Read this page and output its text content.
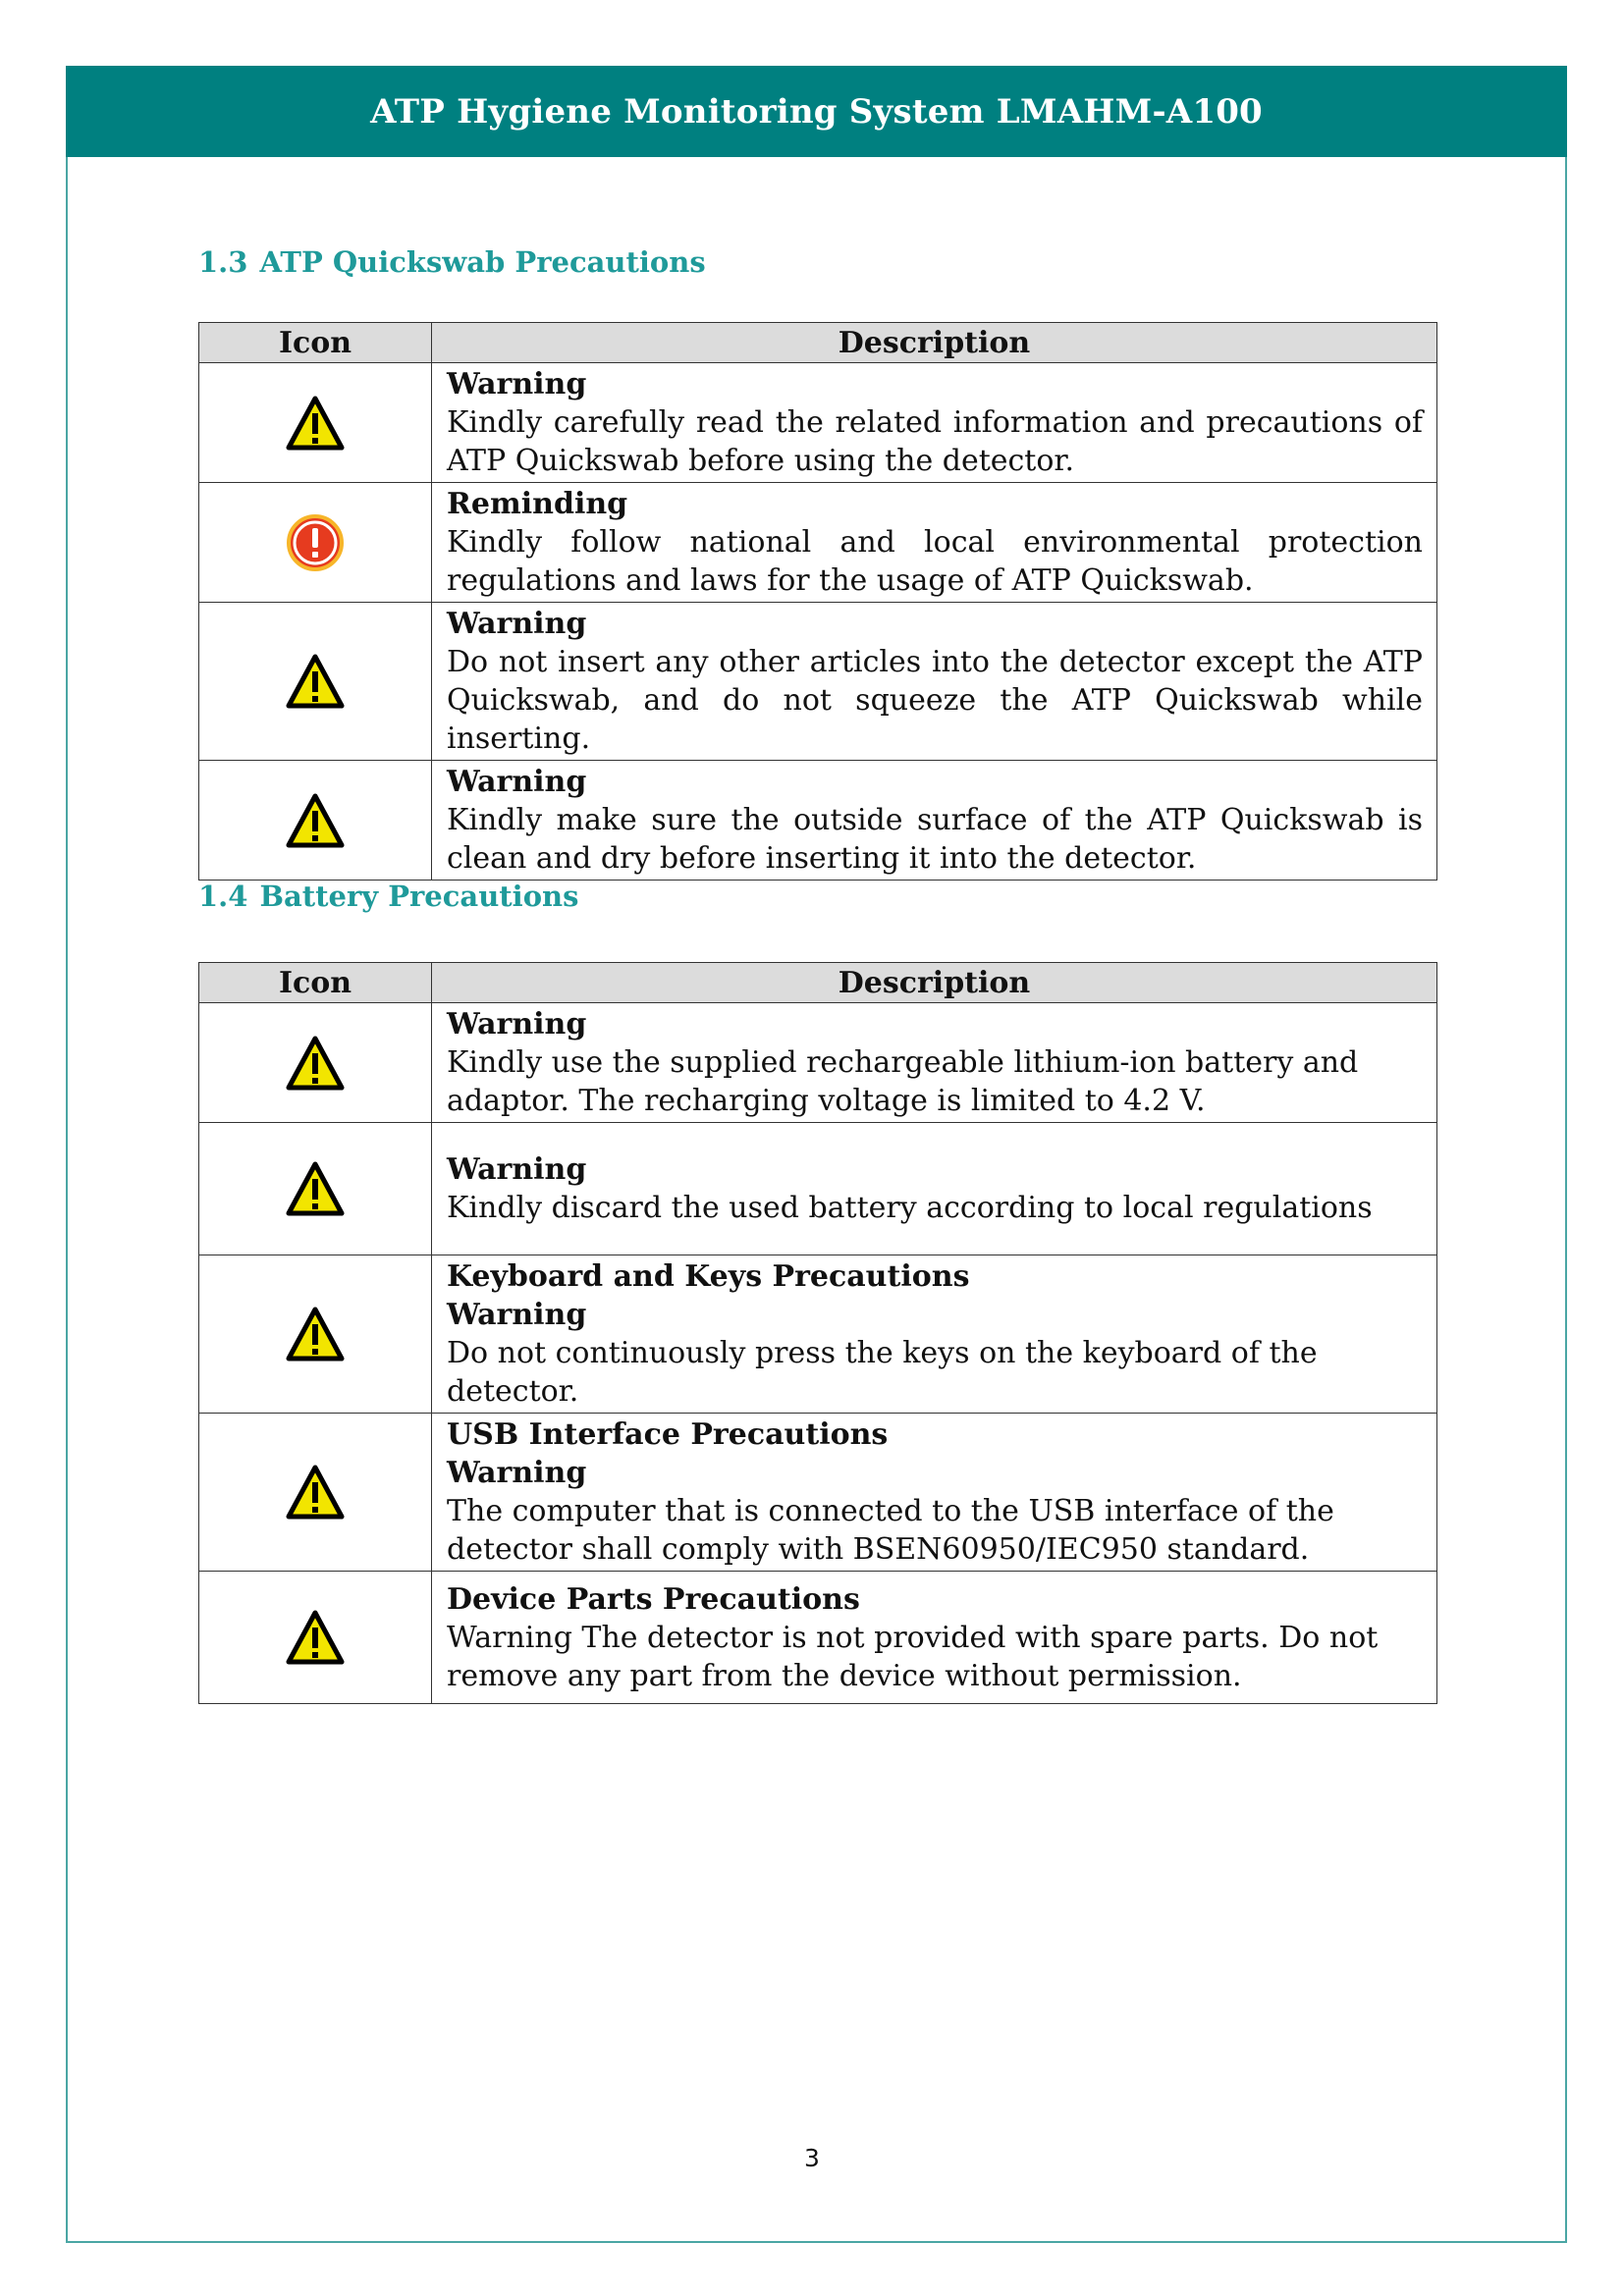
ATP Hygiene Monitoring System LMAHM-A100
1.3 ATP Quickswab Precautions
Icon	Description

Warning
Kindly carefully read the related information and precautions of ATP Quickswab before using the detector.

Reminding
Kindly follow national and local environmental protection regulations and laws for the usage of ATP Quickswab.

Warning
Do not insert any other articles into the detector except the ATP Quickswab, and do not squeeze the ATP Quickswab while inserting.

Warning
Kindly make sure the outside surface of the ATP Quickswab is clean and dry before inserting it into the detector.
1.4 Battery Precautions
Icon	Description

Warning
Kindly use the supplied rechargeable lithium-ion battery and adaptor. The recharging voltage is limited to 4.2 V.

Warning
Kindly discard the used battery according to local regulations

Keyboard and Keys Precautions
Warning
Do not continuously press the keys on the keyboard of the detector.

USB Interface Precautions
Warning
The computer that is connected to the USB interface of the detector shall comply with BSEN60950/IEC950 standard.

Device Parts Precautions
Warning The detector is not provided with spare parts. Do not remove any part from the device without permission.
3
